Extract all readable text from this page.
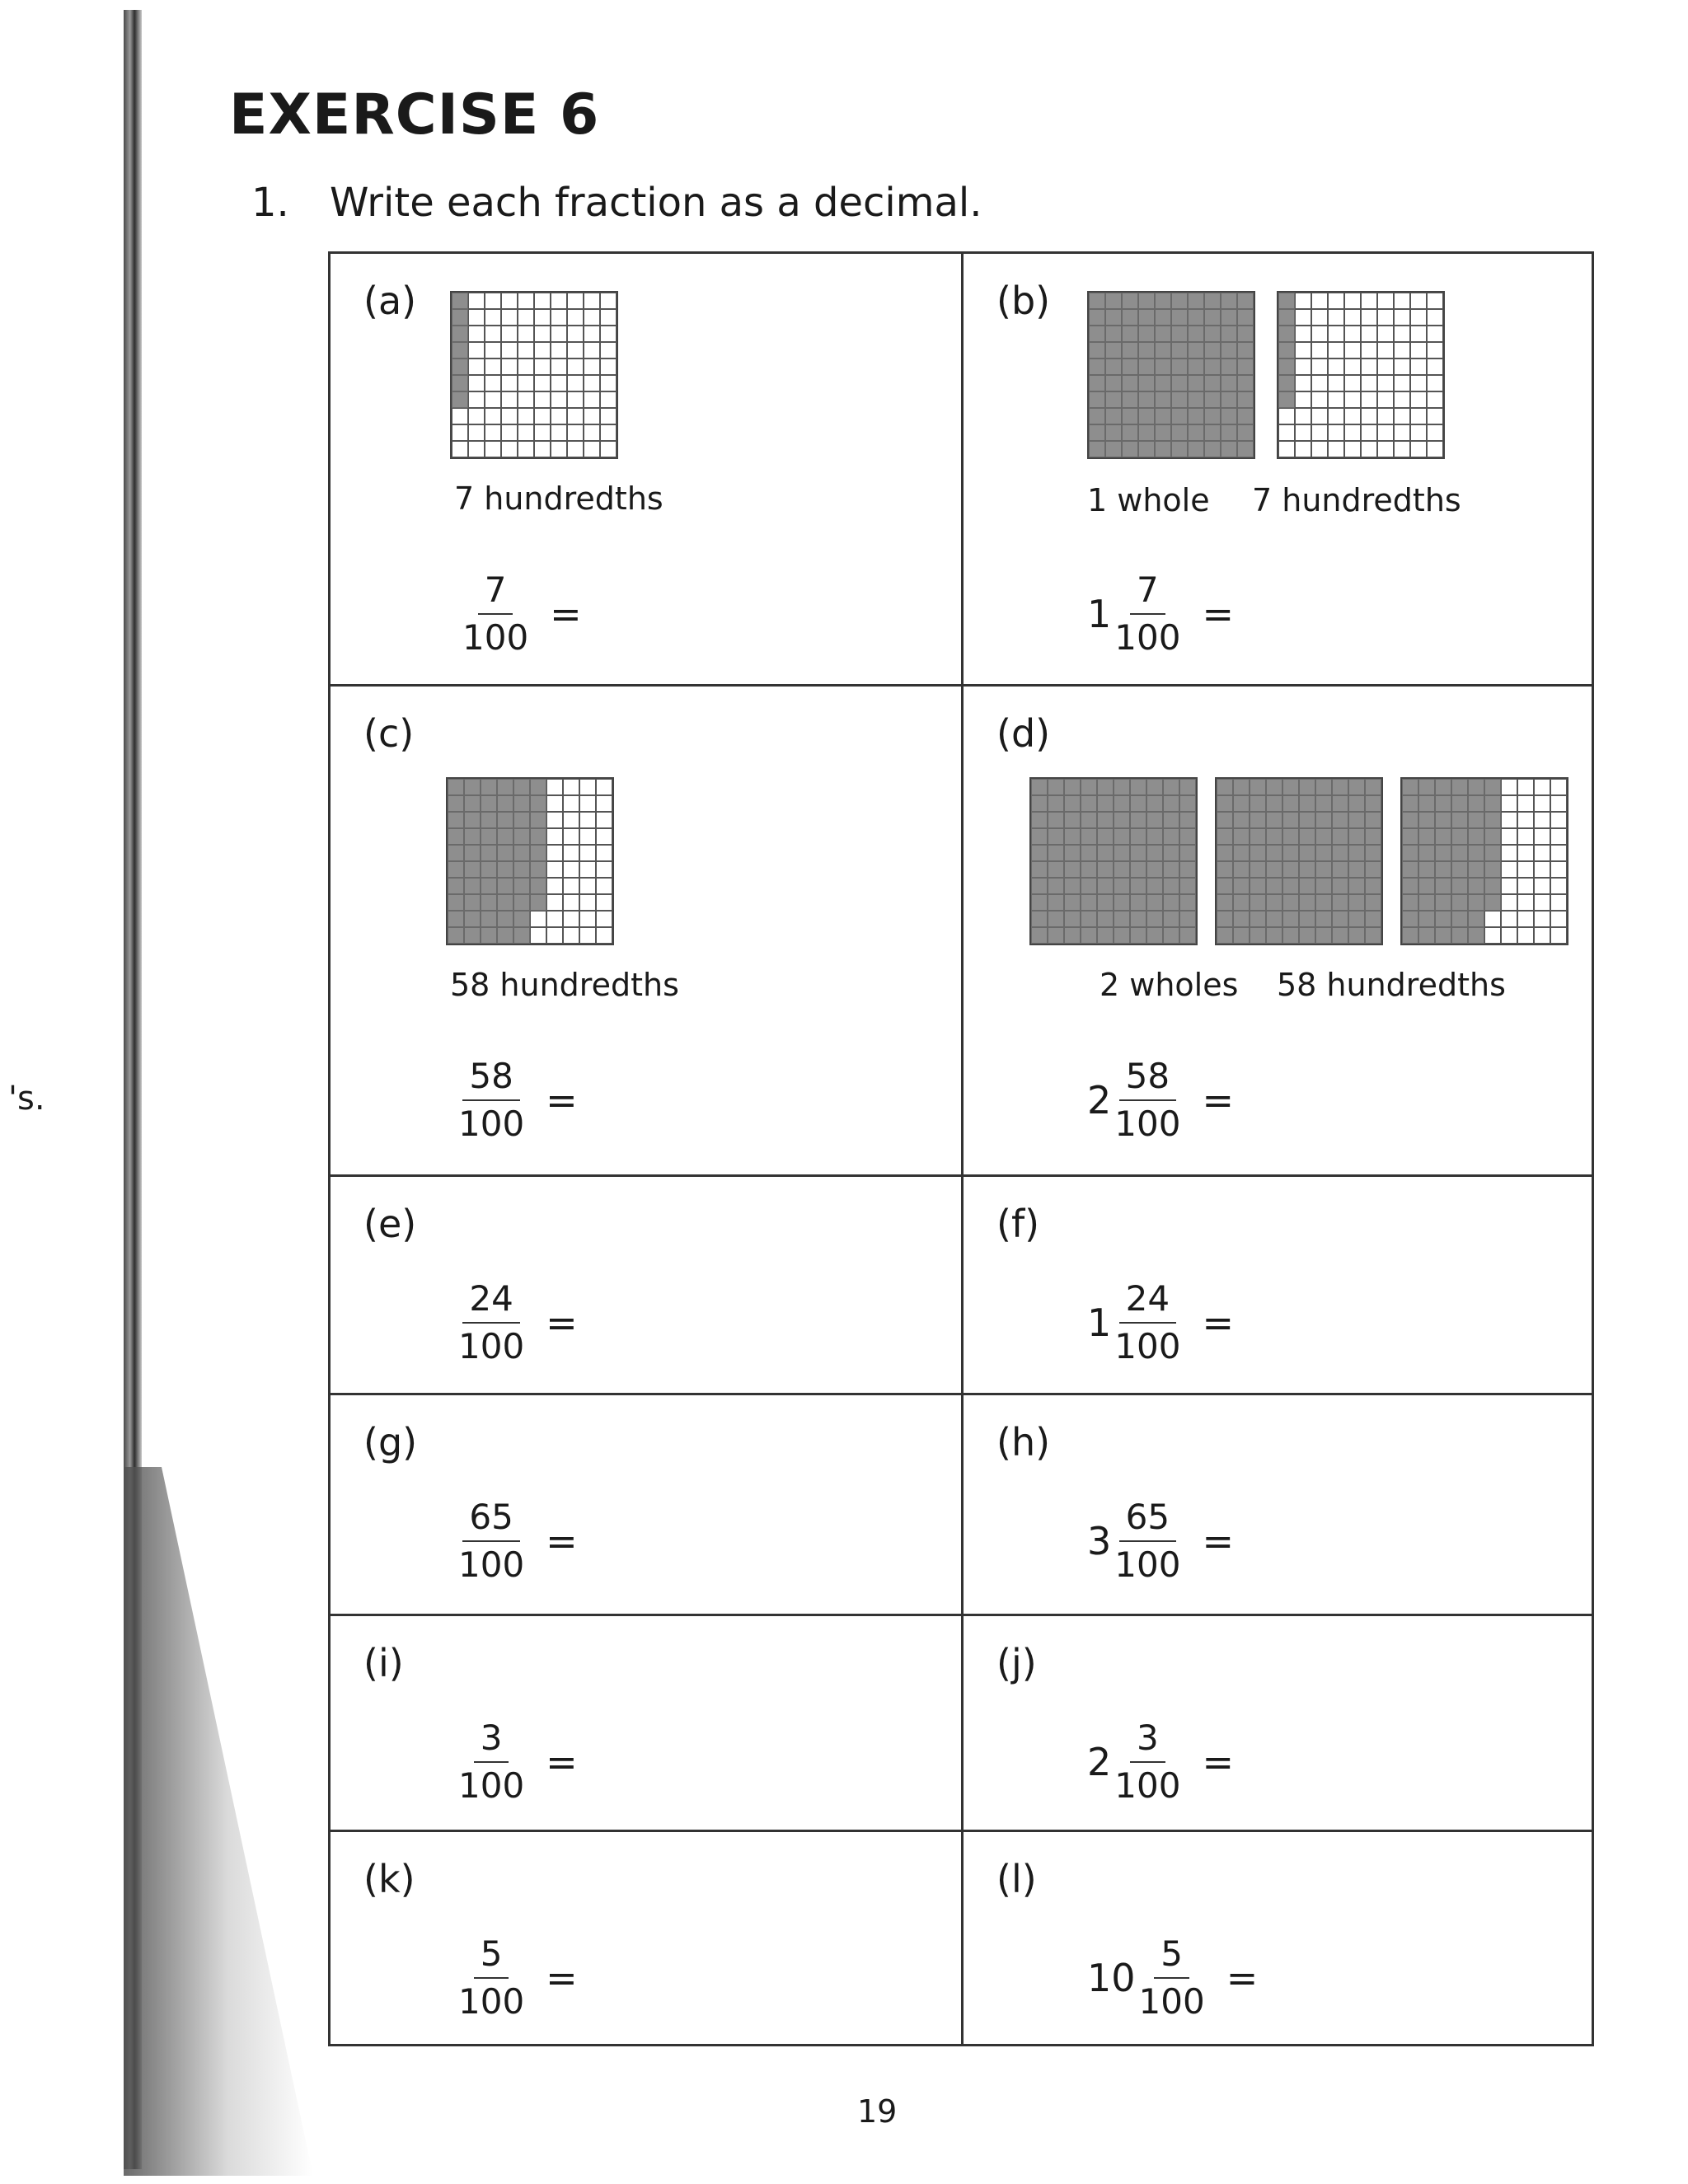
's.
EXERCISE 6
1. Write each fraction as a decimal.
(a)
7 hundredths
$\frac{7}{100}$ =
(b)
1 whole 7 hundredths
$1 \frac{7}{100}$ =
(c)
58 hundredths
$\frac{58}{100}$ =
(d)
2 wholes 58 hundredths
$2 \frac{58}{100}$ =
(e)
$\frac{24}{100}$ =
(f)
$1 \frac{24}{100}$ =
(g)
$\frac{65}{100}$ =
(h)
$3 \frac{65}{100}$ =
(i)
$\frac{3}{100}$ =
(j)
$2 \frac{3}{100}$ =
(k)
$\frac{5}{100}$ =
(l)
$10 \frac{5}{100}$ =
19
